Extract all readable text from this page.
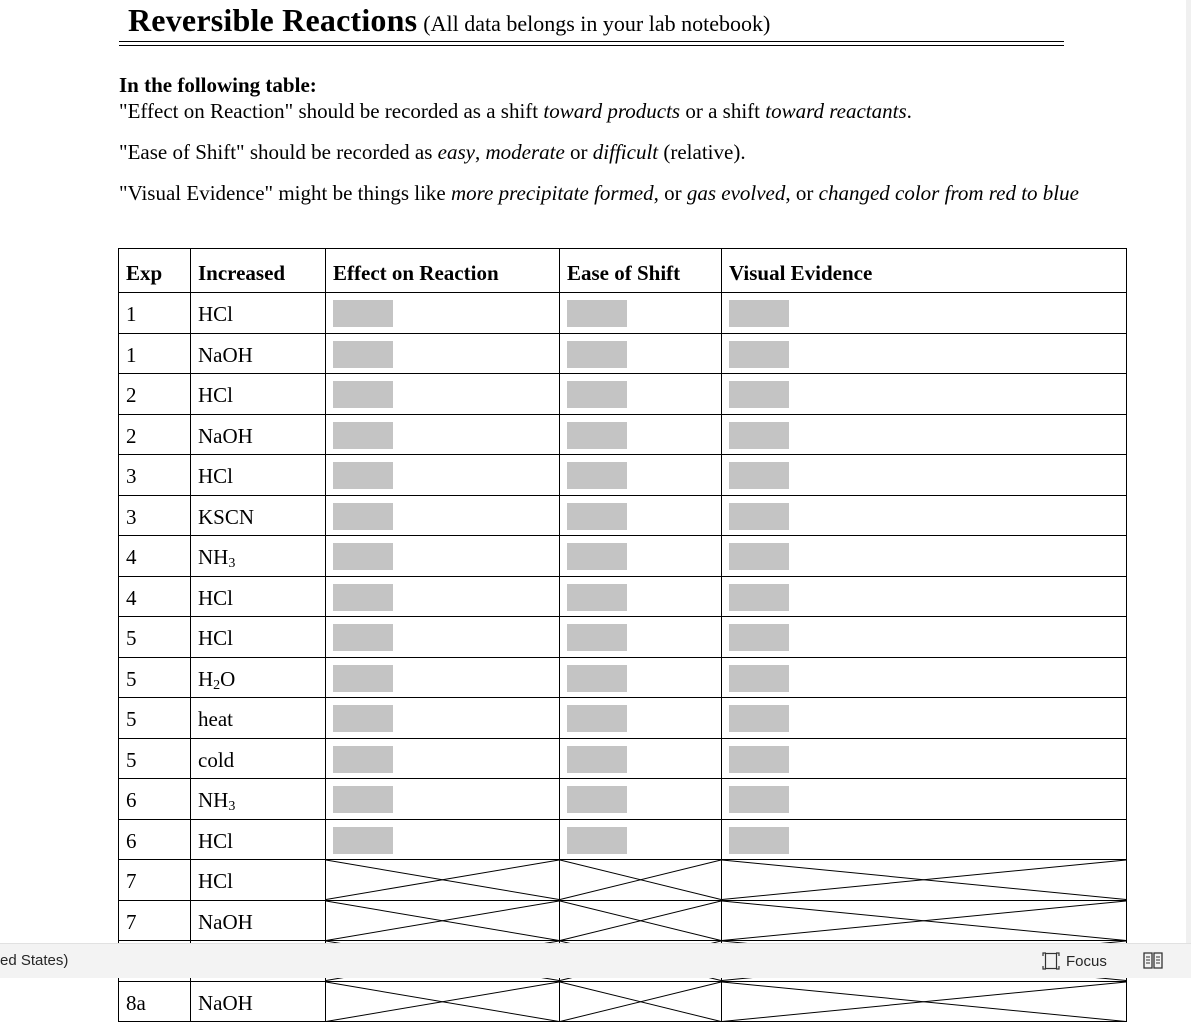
Reversible Reactions (All data belongs in your lab notebook)

In the following table:

"Effect on Reaction" should be recorded as a shift toward products or a shift toward reactants.

"Ease of Shift" should be recorded as easy, moderate or difficult (relative).

"Visual Evidence" might be things like more precipitate formed, or gas evolved, or changed color from red to blue

Exp	Increased	Effect on Reaction	Ease of Shift	Visual Evidence
1	HCl			
1	NaOH			
2	HCl			
2	NaOH			
3	HCl			
3	KSCN			
4	$NH_3$			
4	HCl			
5	HCl			
5	$H_2O$			
5	heat			
5	cold			
6	$NH_3$			
6	HCl			
7	HCl	

7	NaOH	

8a	NaOH	

ed States)	Focus
